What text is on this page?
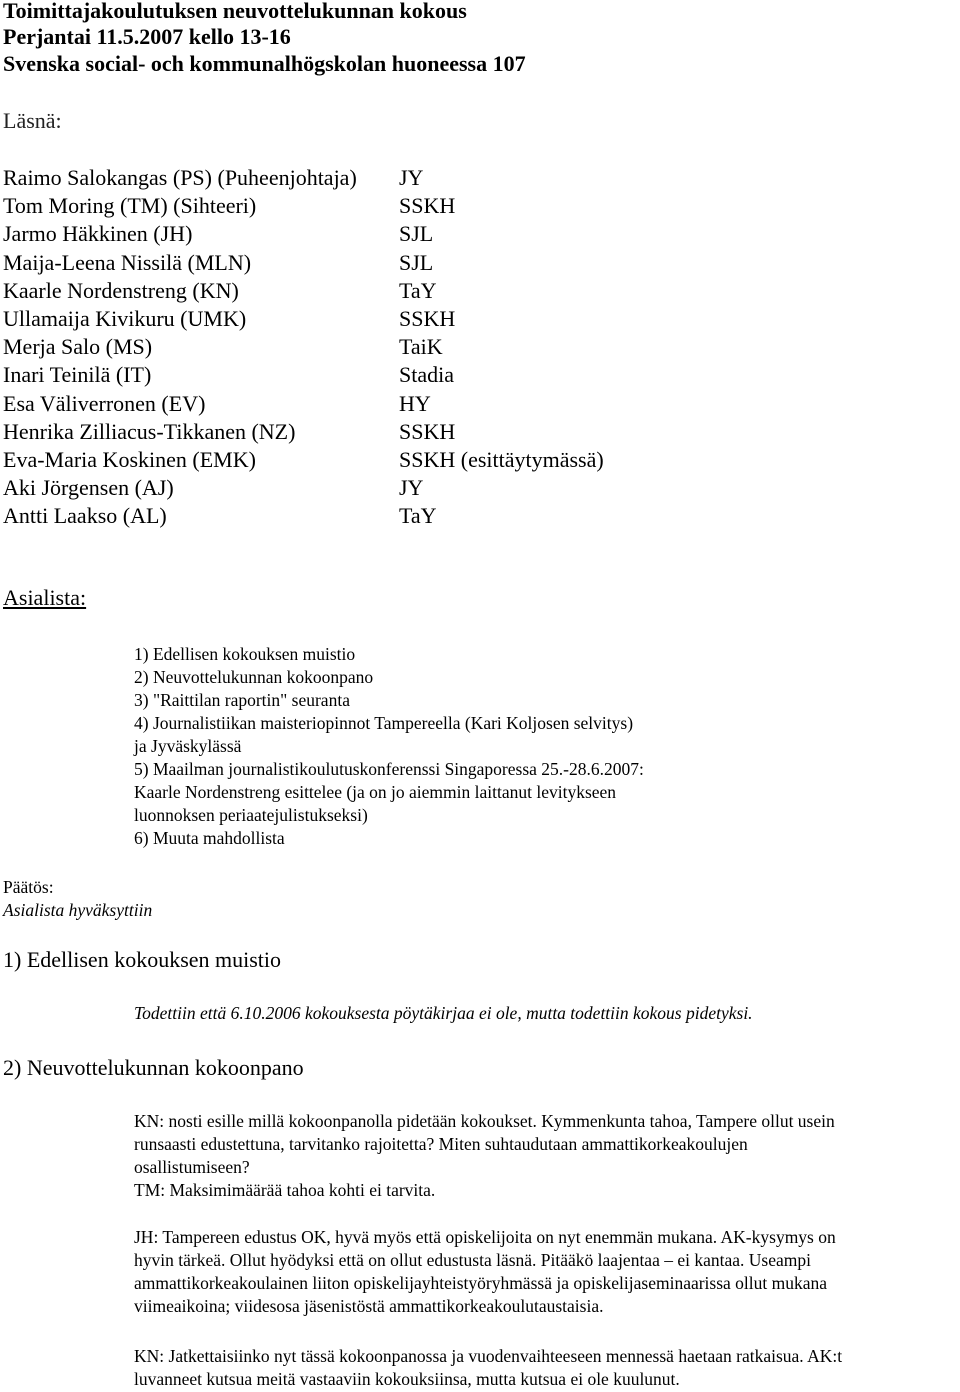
Toimittajakoulutuksen neuvottelukunnan kokous
Perjantai 11.5.2007 kello 13-16
Svenska social- och kommunalhögskolan huoneessa 107
Läsnä:
Raimo Salokangas (PS) (Puheenjohtaja) JY
Tom Moring (TM) (Sihteeri)	SSKH
Jarmo Häkkinen (JH)	SJL
Maija-Leena Nissilä (MLN)	SJL
Kaarle Nordenstreng (KN)	TaY
Ullamaija Kivikuru (UMK)	SSKH
Merja Salo (MS)	TaiK
Inari Teinilä (IT)	Stadia
Esa Väliverronen (EV)	HY
Henrika Zilliacus-Tikkanen (NZ)	SSKH
Eva-Maria Koskinen (EMK)	SSKH (esittäytymässä)
Aki Jörgensen (AJ)	JY
Antti Laakso (AL)	TaY
Asialista:
1) Edellisen kokouksen muistio
2) Neuvottelukunnan kokoonpano
3) "Raittilan raportin" seuranta
4) Journalistiikan maisteriopinnot Tampereella (Kari Koljosen selvitys)
ja Jyväskylässä
5) Maailman journalistikoulutuskonferenssi Singaporessa 25.-28.6.2007:
Kaarle Nordenstreng esittelee (ja on jo aiemmin laittanut levitykseen
luonnoksen periaatejulistukseksi)
6) Muuta mahdollista
Päätös:
Asialista hyväksyttiin
1) Edellisen kokouksen muistio
Todettiin että 6.10.2006 kokouksesta pöytäkirjaa ei ole, mutta todettiin kokous pidetyksi.
2) Neuvottelukunnan kokoonpano
KN: nosti esille millä kokoonpanolla pidetään kokoukset. Kymmenkunta tahoa, Tampere ollut usein
runsaasti edustettuna, tarvitanko rajoitetta? Miten suhtaudutaan ammattikorkeakoulujen
osallistumiseen?
TM: Maksimimäärää tahoa kohti ei tarvita.
JH: Tampereen edustus OK, hyvä myös että opiskelijoita on nyt enemmän mukana. AK-kysymys on
hyvin tärkeä. Ollut hyödyksi että on ollut edustusta läsnä. Pitääkö laajentaa – ei kantaa. Useampi
ammattikorkeakoulainen liiton opiskelijayhteistyöryhmässä ja opiskelijaseminaarissa ollut mukana
viimeaikoina; viidesosa jäsenistöstä ammattikorkeakoulutaustaisia.
KN: Jatkettaisiinko nyt tässä kokoonpanossa ja vuodenvaihteeseen mennessä haetaan ratkaisua. AK:t
luvanneet kutsua meitä vastaaviin kokouksiinsa, mutta kutsua ei ole kuulunut.
